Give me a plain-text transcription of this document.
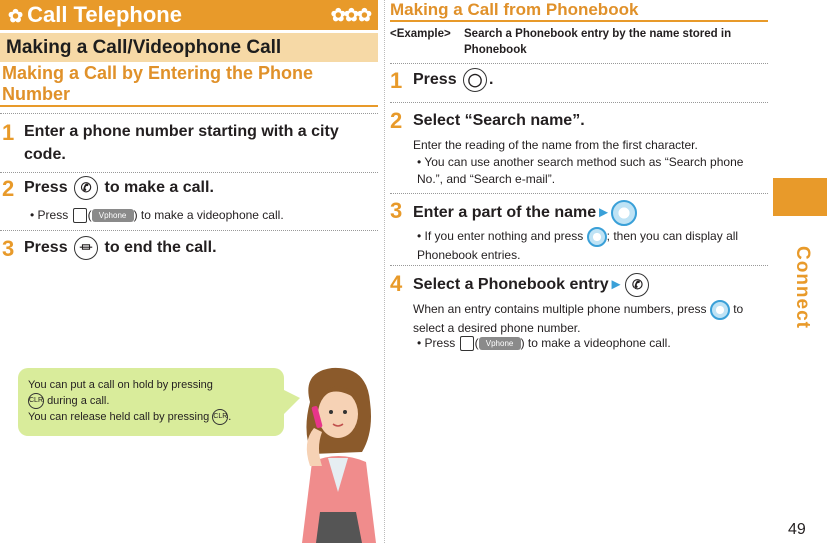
✿ Call Telephone	✿✿✿
Making a Call/Videophone Call
Making a Call by Entering the Phone Number
1 Enter a phone number starting with a city code.
2 Press ✆ to make a call.
• Press ( Vphone ) to make a videophone call.
3 Press ⏛ to end the call.
You can put a call on hold by pressing
CLR during a call.
You can release held call by pressing CLR.
Making a Call from Phonebook
<Example> Search a Phonebook entry by the name stored in Phonebook
1 Press ◯ .
2 Select “Search name”.
Enter the reading of the name from the first character.
• You can use another search method such as “Search phone No.”, and “Search e-mail”.
3 Enter a part of the name►
• If you enter nothing and press ; then you can display all Phonebook entries.
4 Select a Phonebook entry► ✆
When an entry contains multiple phone numbers, press to select a desired phone number.
• Press ( Vphone ) to make a videophone call.
Connect
49
